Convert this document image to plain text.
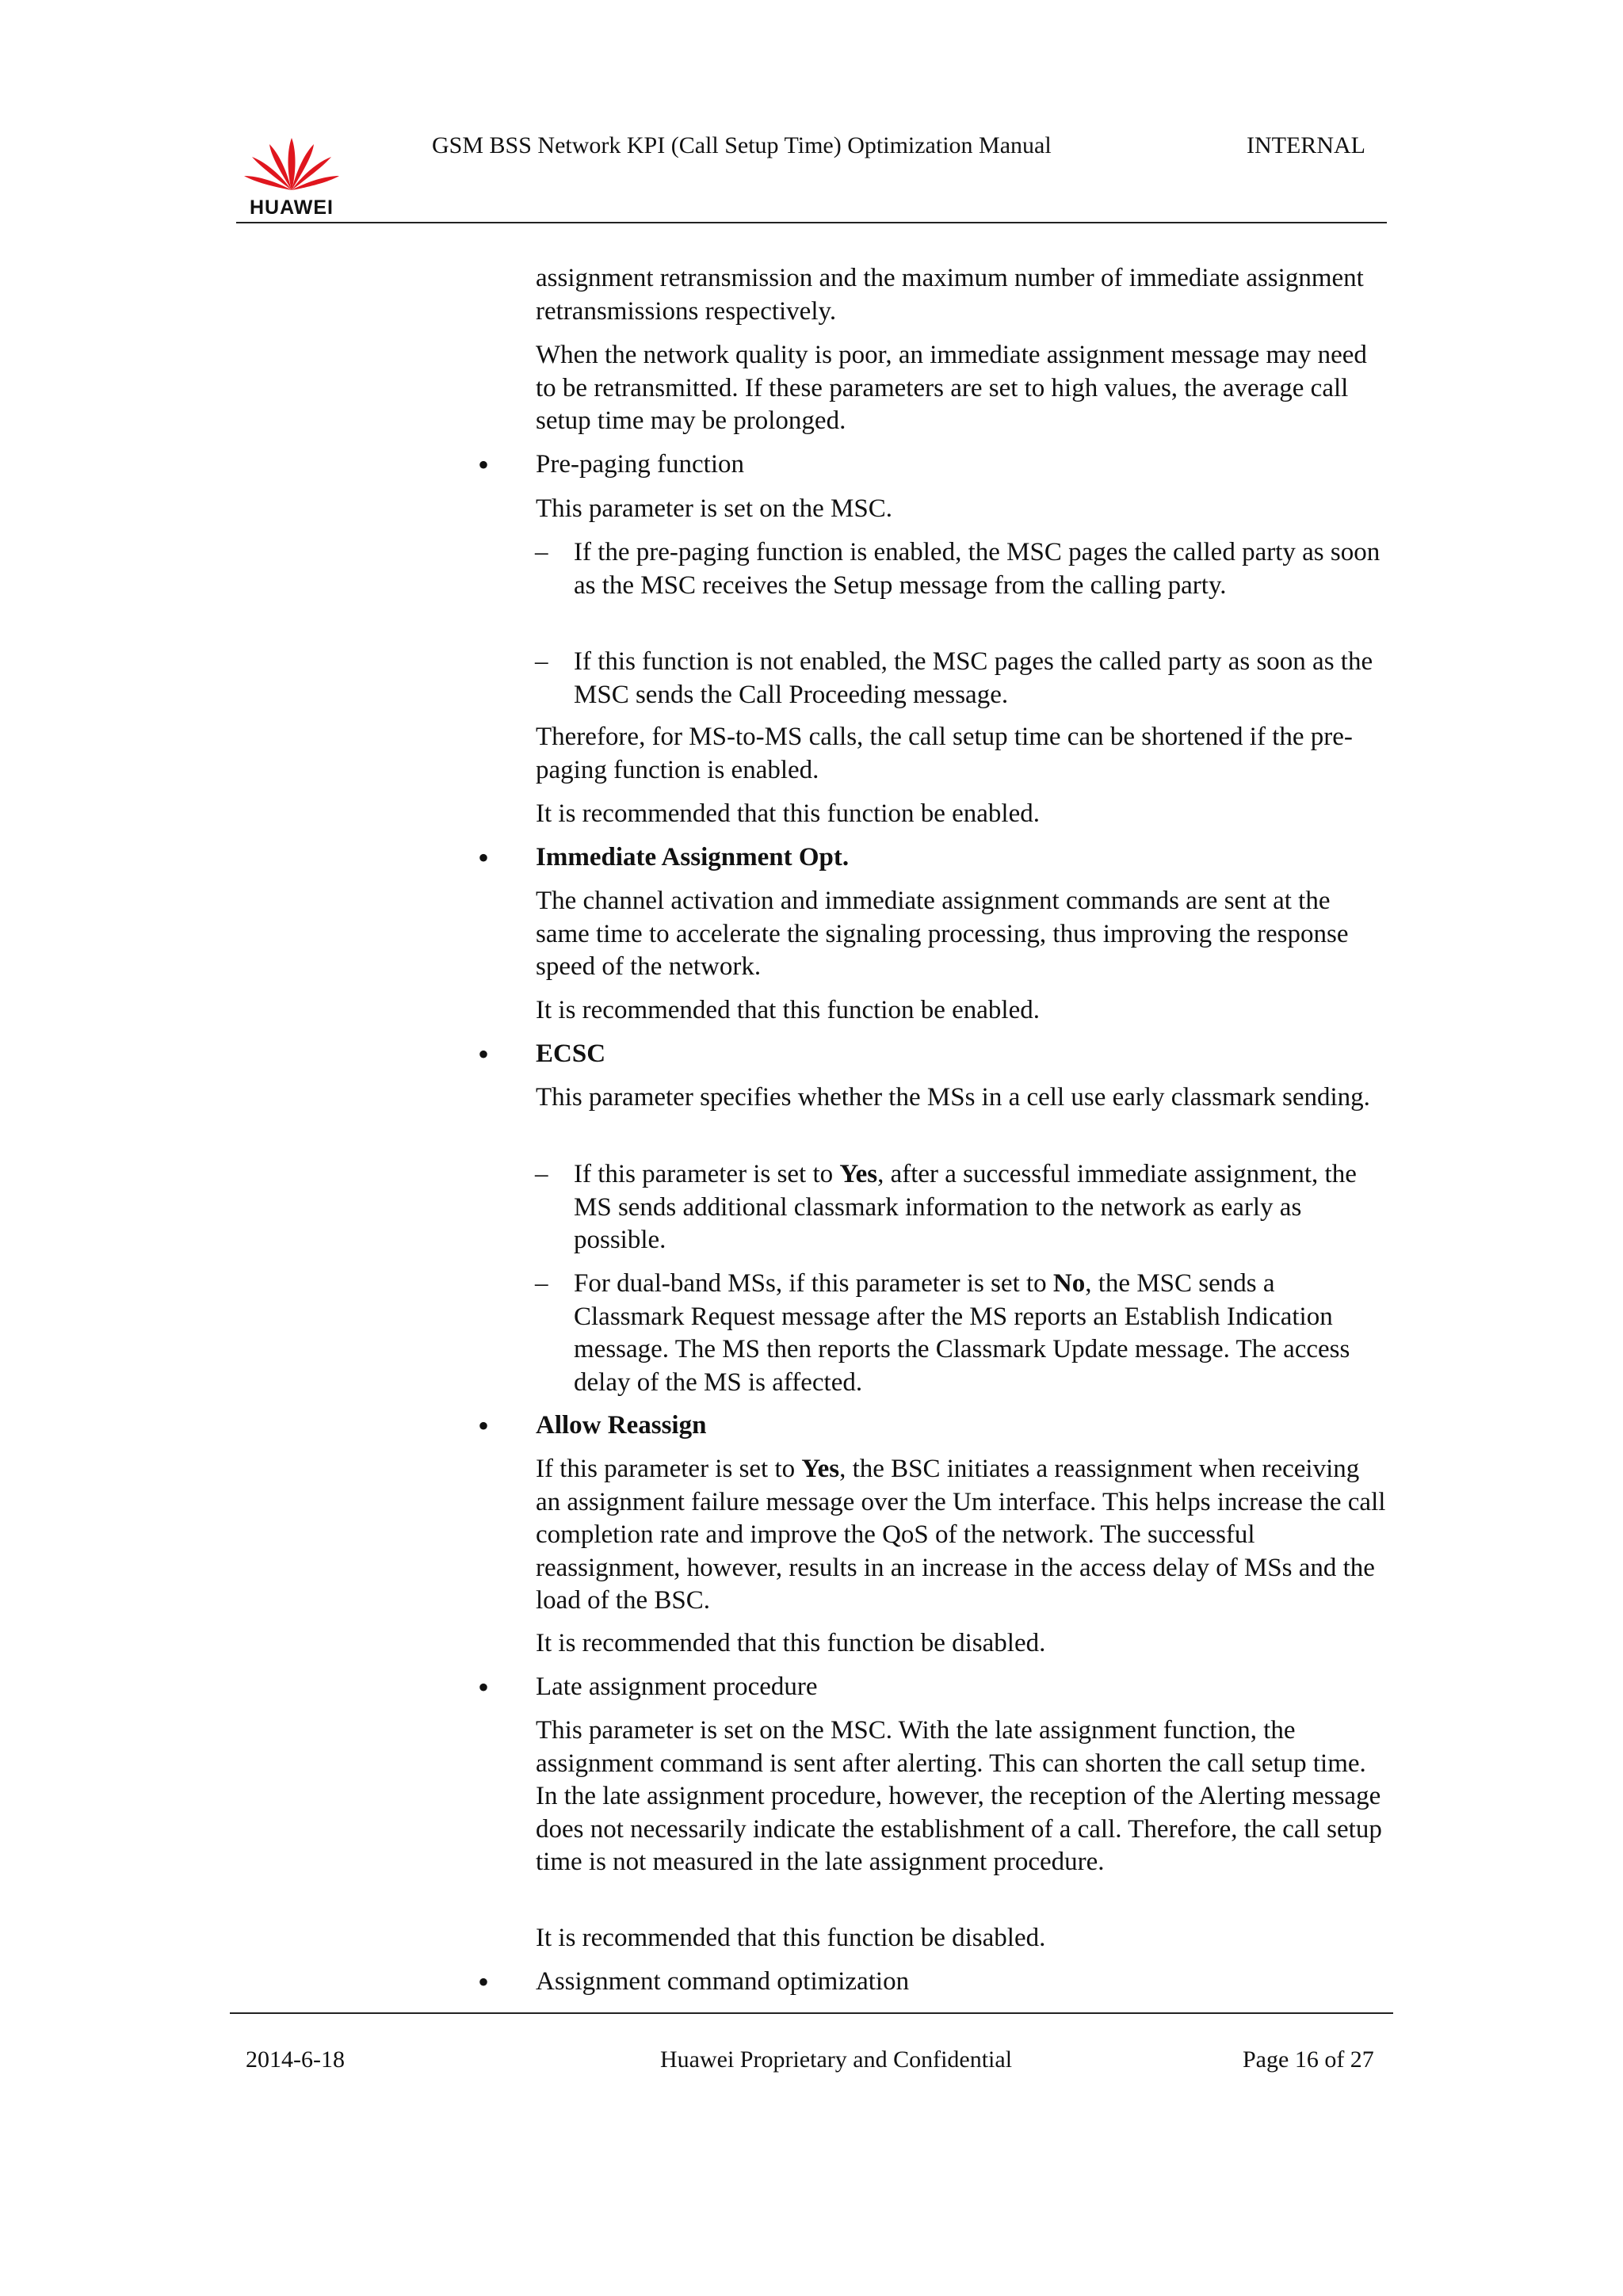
HUAWEI
GSM BSS Network KPI (Call Setup Time) Optimization Manual	INTERNAL
assignment retransmission and the maximum number of immediate assignment retransmissions respectively.
When the network quality is poor, an immediate assignment message may need to be retransmitted. If these parameters are set to high values, the average call setup time may be prolonged.
• Pre-paging function
This parameter is set on the MSC.
– If the pre-paging function is enabled, the MSC pages the called party as soon as the MSC receives the Setup message from the calling party.
– If this function is not enabled, the MSC pages the called party as soon as the MSC sends the Call Proceeding message.
Therefore, for MS-to-MS calls, the call setup time can be shortened if the pre-paging function is enabled.
It is recommended that this function be enabled.
• Immediate Assignment Opt.
The channel activation and immediate assignment commands are sent at the same time to accelerate the signaling processing, thus improving the response speed of the network.
It is recommended that this function be enabled.
• ECSC
This parameter specifies whether the MSs in a cell use early classmark sending.
– If this parameter is set to Yes, after a successful immediate assignment, the MS sends additional classmark information to the network as early as possible.
– For dual-band MSs, if this parameter is set to No, the MSC sends a Classmark Request message after the MS reports an Establish Indication message. The MS then reports the Classmark Update message. The access delay of the MS is affected.
• Allow Reassign
If this parameter is set to Yes, the BSC initiates a reassignment when receiving an assignment failure message over the Um interface. This helps increase the call completion rate and improve the QoS of the network. The successful reassignment, however, results in an increase in the access delay of MSs and the load of the BSC.
It is recommended that this function be disabled.
• Late assignment procedure
This parameter is set on the MSC. With the late assignment function, the assignment command is sent after alerting. This can shorten the call setup time. In the late assignment procedure, however, the reception of the Alerting message does not necessarily indicate the establishment of a call. Therefore, the call setup time is not measured in the late assignment procedure.
It is recommended that this function be disabled.
• Assignment command optimization
2014-6-18	Huawei Proprietary and Confidential	Page 16 of 27
